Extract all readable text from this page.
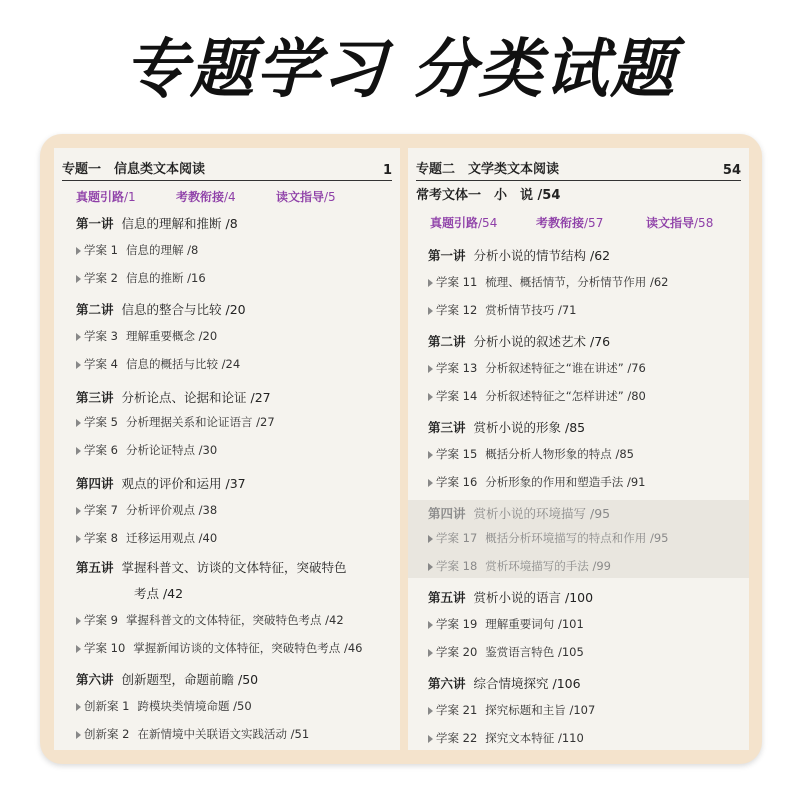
专题学习 分类试题
专题一　信息类文本阅读	1
真题引路/1	考教衔接/4	读文指导/5
第一讲 信息的理解和推断 /8
学案 1 信息的理解 /8
学案 2 信息的推断 /16
第二讲 信息的整合与比较 /20
学案 3 理解重要概念 /20
学案 4 信息的概括与比较 /24
第三讲 分析论点、论据和论证 /27
学案 5 分析理据关系和论证语言 /27
学案 6 分析论证特点 /30
第四讲 观点的评价和运用 /37
学案 7 分析评价观点 /38
学案 8 迁移运用观点 /40
第五讲 掌握科普文、访谈的文体特征，突破特色
考点 /42
学案 9 掌握科普文的文体特征，突破特色考点 /42
学案 10 掌握新闻访谈的文体特征，突破特色考点 /46
第六讲 创新题型，命题前瞻 /50
创新案 1 跨模块类情境命题 /50
创新案 2 在新情境中关联语文实践活动 /51
专题二　文学类文本阅读	54
常考文体一　小　说 /54
真题引路/54	考教衔接/57	读文指导/58
第一讲 分析小说的情节结构 /62
学案 11 梳理、概括情节，分析情节作用 /62
学案 12 赏析情节技巧 /71
第二讲 分析小说的叙述艺术 /76
学案 13 分析叙述特征之“谁在讲述” /76
学案 14 分析叙述特征之“怎样讲述” /80
第三讲 赏析小说的形象 /85
学案 15 概括分析人物形象的特点 /85
学案 16 分析形象的作用和塑造手法 /91
第四讲 赏析小说的环境描写 /95
学案 17 概括分析环境描写的特点和作用 /95
学案 18 赏析环境描写的手法 /99
第五讲 赏析小说的语言 /100
学案 19 理解重要词句 /101
学案 20 鉴赏语言特色 /105
第六讲 综合情境探究 /106
学案 21 探究标题和主旨 /107
学案 22 探究文本特征 /110
